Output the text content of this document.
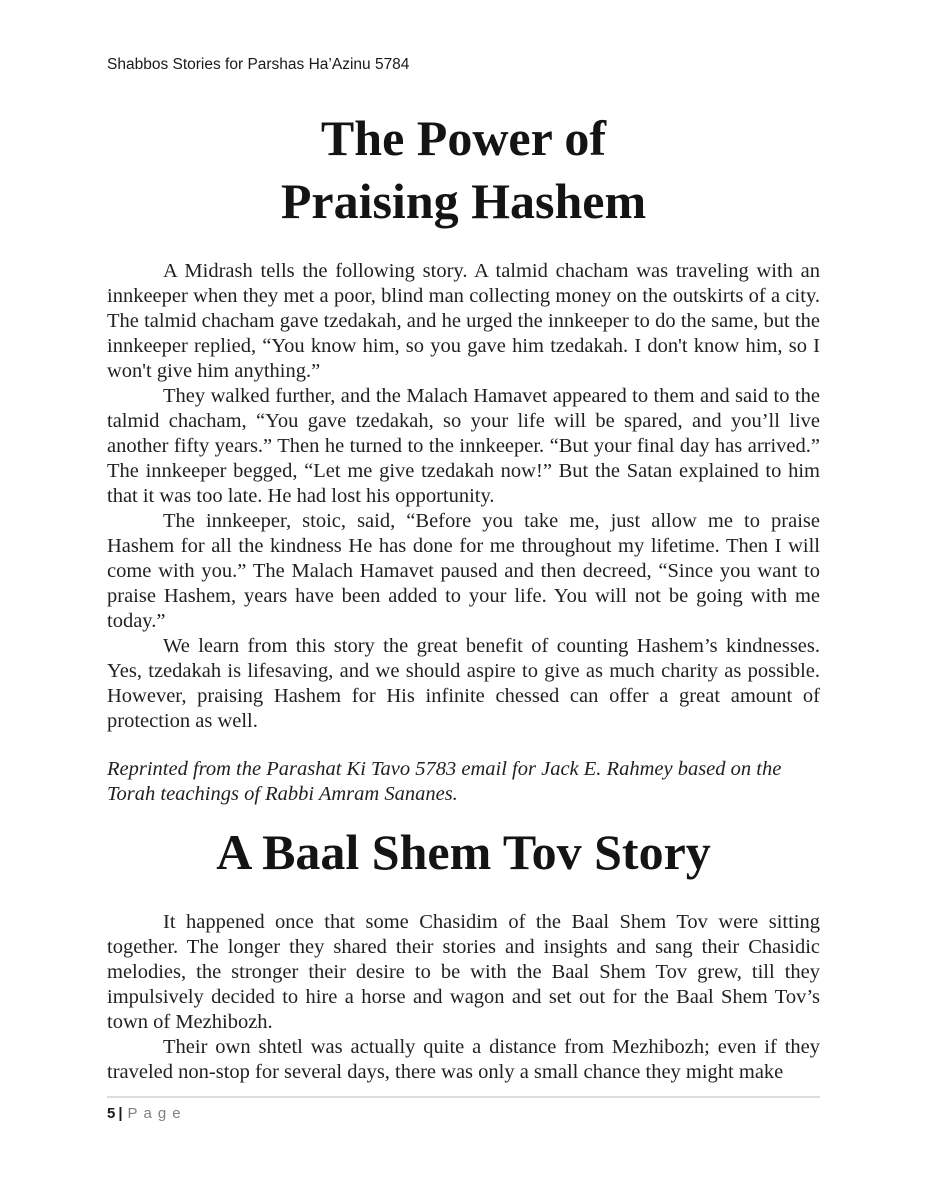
Shabbos Stories for Parshas Ha’Azinu 5784
The Power of
Praising Hashem

A Midrash tells the following story. A talmid chacham was traveling with an innkeeper when they met a poor, blind man collecting money on the outskirts of a city. The talmid chacham gave tzedakah, and he urged the innkeeper to do the same, but the innkeeper replied, “You know him, so you gave him tzedakah. I don't know him, so I won't give him anything.”

They walked further, and the Malach Hamavet appeared to them and said to the talmid chacham, “You gave tzedakah, so your life will be spared, and you’ll live another fifty years.” Then he turned to the innkeeper. “But your final day has arrived.” The innkeeper begged, “Let me give tzedakah now!” But the Satan explained to him that it was too late. He had lost his opportunity.

The innkeeper, stoic, said, “Before you take me, just allow me to praise Hashem for all the kindness He has done for me throughout my lifetime. Then I will come with you.” The Malach Hamavet paused and then decreed, “Since you want to praise Hashem, years have been added to your life. You will not be going with me today.”

We learn from this story the great benefit of counting Hashem’s kindnesses. Yes, tzedakah is lifesaving, and we should aspire to give as much charity as possible. However, praising Hashem for His infinite chessed can offer a great amount of protection as well.

Reprinted from the Parashat Ki Tavo 5783 email for Jack E. Rahmey based on the Torah teachings of Rabbi Amram Sananes.

A Baal Shem Tov Story

It happened once that some Chasidim of the Baal Shem Tov were sitting together. The longer they shared their stories and insights and sang their Chasidic melodies, the stronger their desire to be with the Baal Shem Tov grew, till they impulsively decided to hire a horse and wagon and set out for the Baal Shem Tov’s town of Mezhibozh.

Their own shtetl was actually quite a distance from Mezhibozh; even if they traveled non-stop for several days, there was only a small chance they might make

5 | Page
